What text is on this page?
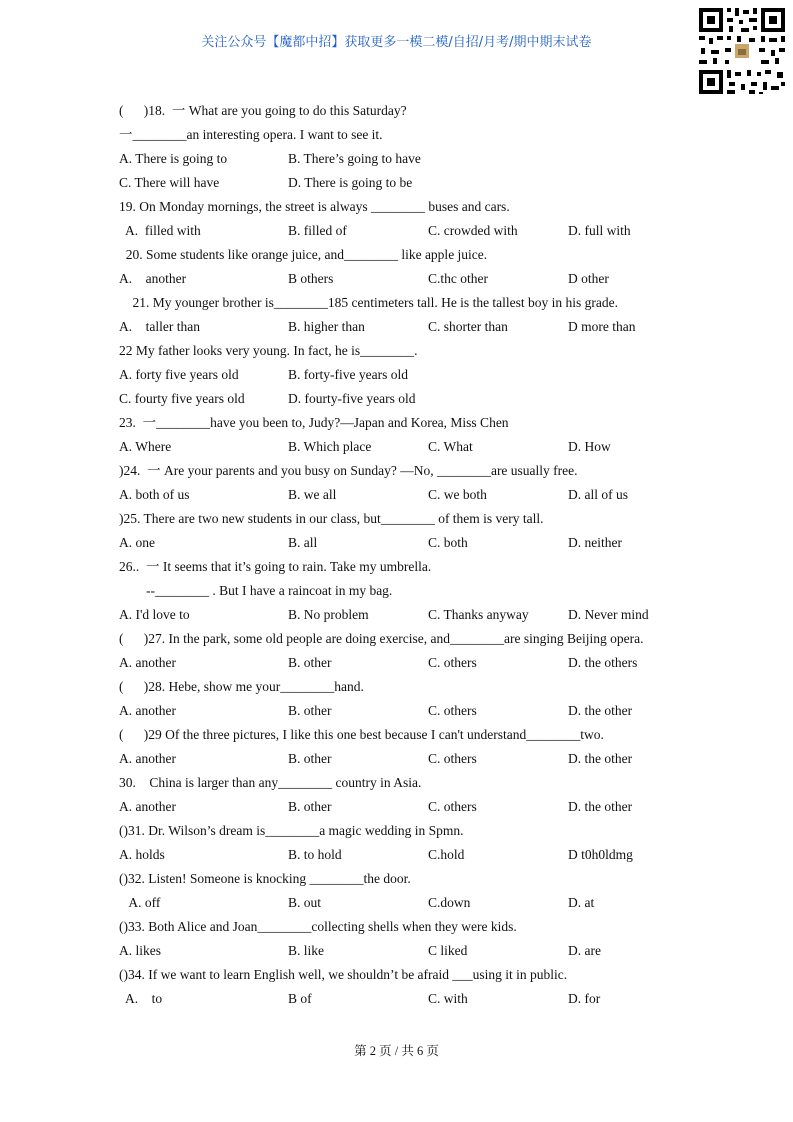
关注公众号【魔都中招】获取更多一模二模/自招/月考/期中期末试卷
(      )18.  一 What are you going to do this Saturday?
一________an interesting opera. I want to see it.
A. There is going to	B. There’s going to have
C. There will have	D. There is going to be
19. On Monday mornings, the street is always ________ buses and cars.
A.  filled with	B. filled of	C. crowded with	D. full with
20. Some students like orange juice, and________ like apple juice.
A.    another	B others	C.thc other	D other
21. My younger brother is________185 centimeters tall. He is the tallest boy in his grade.
A.    taller than	B. higher than	C. shorter than	D more than
22 My father looks very young. In fact, he is________.
A. forty five years old	B. forty-five years old
C. fourty five years old	D. fourty-five years old
23.  一________have you been to, Judy?—Japan and Korea, Miss Chen
A. Where	B. Which place	C. What	D. How
)24.  一 Are your parents and you busy on Sunday? —No, ________are usually free.
A. both of us	B. we all	C. we both	D. all of us
)25. There are two new students in our class, but________ of them is very tall.
A. one	B. all	C. both	D. neither
26..  一 It seems that it’s going to rain. Take my umbrella.
--________ . But I have a raincoat in my bag.
A. I'd love to	B. No problem	C. Thanks anyway	D. Never mind
(      )27. In the park, some old people are doing exercise, and________are singing Beijing opera.
A. another	B. other	C. others	D. the others
(      )28. Hebe, show me your________hand.
A. another	B. other	C. others	D. the other
(      )29 Of the three pictures, I like this one best because I can't understand________two.
A. another	B. other	C. others	D. the other
30.    China is larger than any________ country in Asia.
A. another	B. other	C. others	D. the other
()31. Dr. Wilson’s dream is________a magic wedding in Spmn.
A. holds	B. to hold	C.hold	D t0h0ldmg
()32. Listen! Someone is knocking ________the door.
A. off	B. out	C.down	D. at
()33. Both Alice and Joan________collecting shells when they were kids.
A. likes	B. like	C liked	D. are
()34. If we want to learn English well, we shouldn’t be afraid ___using it in public.
A.    to	B of	C. with	D. for
第 2 页 / 共 6 页
